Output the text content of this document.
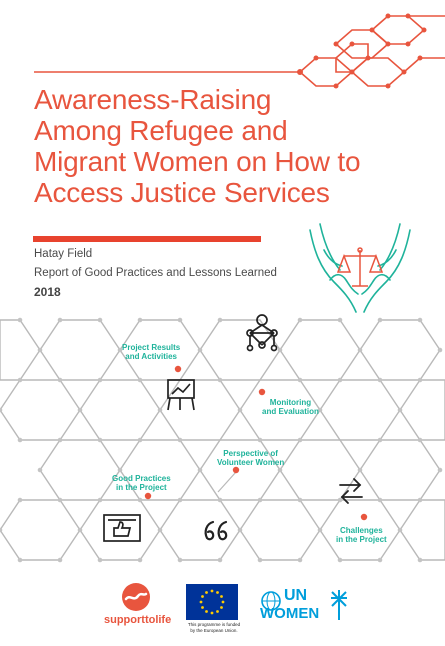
Awareness-Raising
Among Refugee and
Migrant Women on How to
Access Justice Services
Hatay Field
Report of Good Practices and Lessons Learned
2018
Project Results
and Activities
Monitoring
and Evaluation
Perspective of
Volunteer Women
Good Practices
in the Project
Challenges
in the Project
supporttolife	This programme is funded
by the European Union.
UN
WOMEN
